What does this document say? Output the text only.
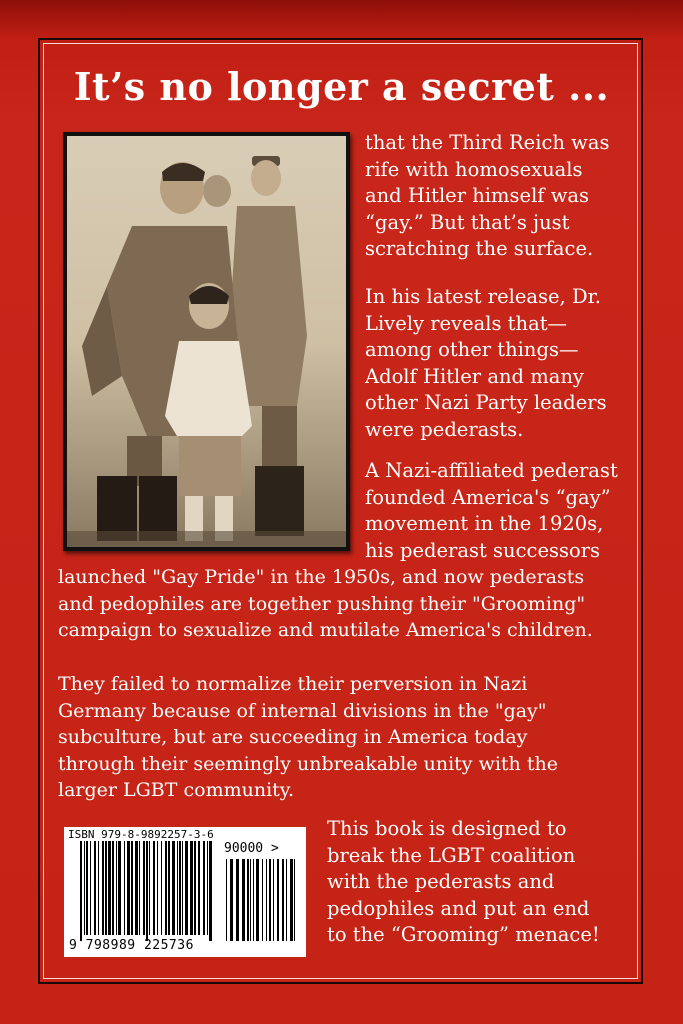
It’s no longer a secret ...

that the Third Reich was

rife with homosexuals

and Hitler himself was

“gay.” But that’s just

scratching the surface.

In his latest release, Dr.

Lively reveals that—

among other things—

Adolf Hitler and many

other Nazi Party leaders

were pederasts.

A Nazi-affiliated pederast

founded America's “gay”

movement in the 1920s,

his pederast successors

launched "Gay Pride" in the 1950s, and now pederasts

and pedophiles are together pushing their "Grooming"

campaign to sexualize and mutilate America's children.

They failed to normalize their perversion in Nazi

Germany because of internal divisions in the "gay"

subculture, but are succeeding in America today

through their seemingly unbreakable unity with the

larger LGBT community.

ISBN 979-8-9892257-3-6
9 798989 225736
90000 >

This book is designed to

break the LGBT coalition

with the pederasts and

pedophiles and put an end

to the “Grooming” menace!
